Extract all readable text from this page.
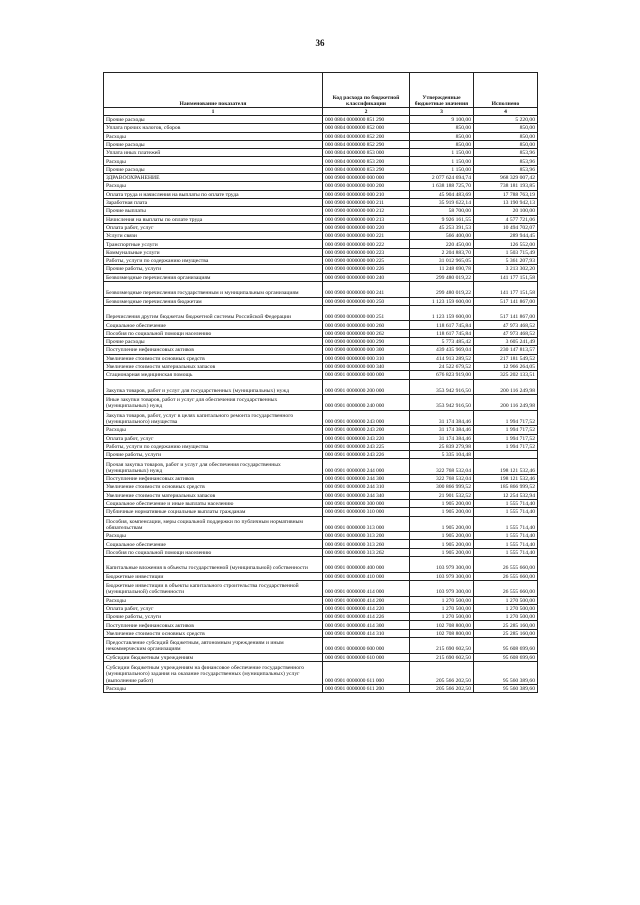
36
Наименование показателя	Код расхода по бюджетной классификации	Утвержденные бюджетные значения	Исполнено
1	2	3	4
Прочие расходы	000 0804 0000000 851 290	9 100,00	5 220,00
Уплата прочих налогов, сборов	000 0804 0000000 852 000	850,00	850,00
Расходы	000 0804 0000000 852 200	850,00	850,00
Прочие расходы	000 0804 0000000 852 290	850,00	850,00
Уплата иных платежей	000 0804 0000000 853 000	1 150,00	853,96
Расходы	000 0804 0000000 853 200	1 150,00	853,96
Прочие расходы	000 0804 0000000 853 290	1 150,00	853,96
ЗДРАВООХРАНЕНИЕ	000 0900 0000000 000 000	2 077 624 694,74	968 329 007,42
Расходы	000 0900 0000000 000 200	1 638 188 725,70	738 181 193,85
Оплата труда и начисления на выплаты по оплате труда	000 0900 0000000 000 210	45 904 483,69	17 788 763,19
Заработная плата	000 0900 0000000 000 211	35 919 622,14	13 190 942,13
Прочие выплаты	000 0900 0000000 000 212	58 700,00	20 100,00
Начисления на выплаты по оплате труда	000 0900 0000000 000 213	9 926 161,55	4 577 721,06
Оплата работ, услуг	000 0900 0000000 000 220	45 253 391,53	10 494 702,07
Услуги связи	000 0900 0000000 000 221	566 400,00	289 944,45
Транспортные услуги	000 0900 0000000 000 222	220 450,00	126 552,00
Коммунальные услуги	000 0900 0000000 000 223	2 204 883,70	1 503 715,49
Работы, услуги по содержанию имущества	000 0900 0000000 000 225	31 012 965,05	5 361 207,93
Прочие работы, услуги	000 0900 0000000 000 226	11 248 690,78	3 213 302,20
Безвозмездные перечисления организациям	000 0900 0000000 000 240	299 480 019,22	141 177 151,58
Безвозмездные перечисления государственным и муниципальным организациям	000 0900 0000000 000 241	299 480 019,22	141 177 151,58
Безвозмездные перечисления бюджетам	000 0900 0000000 000 250	1 123 159 600,00	517 141 867,00
Перечисления другим бюджетам бюджетной системы Российской Федерации	000 0900 0000000 000 251	1 123 159 600,00	517 141 867,00
Социальное обеспечение	000 0900 0000000 000 260	118 617 745,84	47 973 468,52
Пособия по социальной помощи населению	000 0900 0000000 000 262	118 617 745,84	47 973 468,52
Прочие расходы	000 0900 0000000 000 290	5 773 485,42	3 605 241,49
Поступление нефинансовых активов	000 0900 0000000 000 300	439 435 969,04	230 147 813,57
Увеличение стоимости основных средств	000 0900 0000000 000 310	414 913 289,52	217 181 549,52
Увеличение стоимости материальных запасов	000 0900 0000000 000 340	24 522 679,52	12 966 264,05
Стационарная медицинская помощь	000 0901 0000000 000 000	676 823 919,00	325 202 133,51
Закупка товаров, работ и услуг для государственных (муниципальных) нужд	000 0901 0000000 200 000	353 942 916,50	200 116 249,98
Иные закупки товаров, работ и услуг для обеспечения государственных (муниципальных) нужд	000 0901 0000000 240 000	353 942 916,50	200 116 249,98
Закупка товаров, работ, услуг в целях капитального ремонта государственного (муниципального) имущества	000 0901 0000000 243 000	31 174 384,46	1 994 717,52
Расходы	000 0901 0000000 243 200	31 174 384,46	1 994 717,52
Оплата работ, услуг	000 0901 0000000 243 220	31 174 384,46	1 994 717,52
Работы, услуги по содержанию имущества	000 0901 0000000 243 225	25 839 279,98	1 994 717,52
Прочие работы, услуги	000 0901 0000000 243 226	5 335 104,48	
Прочая закупка товаров, работ и услуг для обеспечения государственных (муниципальных) нужд	000 0901 0000000 244 000	322 768 532,04	198 121 532,46
Поступление нефинансовых активов	000 0901 0000000 244 300	322 768 532,04	198 121 532,46
Увеличение стоимости основных средств	000 0901 0000000 244 310	300 866 999,52	185 866 999,52
Увеличение стоимости материальных запасов	000 0901 0000000 244 340	21 901 532,52	12 254 532,94
Социальное обеспечение и иные выплаты населению	000 0901 0000000 300 000	1 905 200,00	1 555 714,40
Публичные нормативные социальные выплаты гражданам	000 0901 0000000 310 000	1 905 200,00	1 555 714,40
Пособия, компенсации, меры социальной поддержки по публичным нормативным обязательствам	000 0901 0000000 313 000	1 905 200,00	1 555 714,40
Расходы	000 0901 0000000 313 200	1 905 200,00	1 555 714,40
Социальное обеспечение	000 0901 0000000 313 260	1 905 200,00	1 555 714,40
Пособия по социальной помощи населению	000 0901 0000000 313 262	1 905 200,00	1 555 714,40
Капитальные вложения в объекты государственной (муниципальной) собственности	000 0901 0000000 400 000	103 979 300,00	26 555 660,00
Бюджетные инвестиции	000 0901 0000000 410 000	103 979 300,00	26 555 660,00
Бюджетные инвестиции в объекты капитального строительства государственной (муниципальной) собственности	000 0901 0000000 414 000	103 979 300,00	26 555 660,00
Расходы	000 0901 0000000 414 200	1 270 500,00	1 270 500,00
Оплата работ, услуг	000 0901 0000000 414 220	1 270 500,00	1 270 500,00
Прочие работы, услуги	000 0901 0000000 414 226	1 270 500,00	1 270 500,00
Поступление нефинансовых активов	000 0901 0000000 414 300	102 708 800,00	25 285 160,00
Увеличение стоимости основных средств	000 0901 0000000 414 310	102 708 800,00	25 285 160,00
Предоставление субсидий бюджетным, автономным учреждениям и иным некоммерческим организациям	000 0901 0000000 600 000	215 690 602,50	95 608 699,60
Субсидии бюджетным учреждениям	000 0901 0000000 610 000	215 690 602,50	95 608 699,60
Субсидии бюджетным учреждениям на финансовое обеспечение государственного (муниципального) задания на оказание государственных (муниципальных) услуг (выполнение работ)	000 0901 0000000 611 000	205 566 202,50	95 560 389,60
Расходы	000 0901 0000000 611 200	205 566 202,50	95 560 389,60
